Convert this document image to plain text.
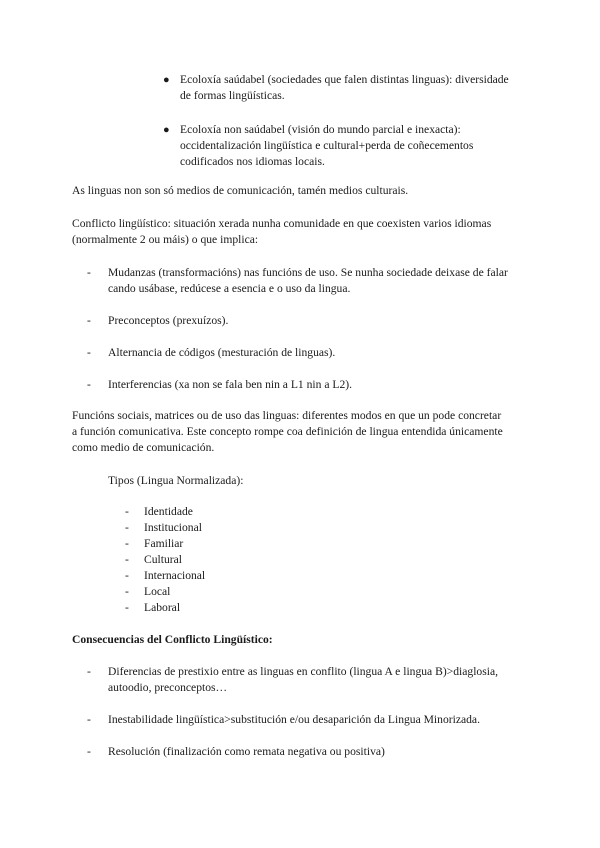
● Ecoloxía saúdabel (sociedades que falen distintas linguas): diversidade
de formas lingüísticas.
● Ecoloxía non saúdabel (visión do mundo parcial e inexacta):
occidentalización lingüística e cultural+perda de coñecementos
codificados nos idiomas locais.

As linguas non son só medios de comunicación, tamén medios culturais.

Conflicto lingüístico: situación xerada nunha comunidade en que coexisten varios idiomas
(normalmente 2 ou máis) o que implica:
- Mudanzas (transformacións) nas funcións de uso. Se nunha sociedade deixase de falar
cando usábase, redúcese a esencia e o uso da lingua.
- Preconceptos (prexuízos).
- Alternancia de códigos (mesturación de linguas).
- Interferencias (xa non se fala ben nin a L1 nin a L2).
Funcións sociais, matrices ou de uso das linguas: diferentes modos en que un pode concretar
a función comunicativa. Este concepto rompe coa definición de lingua entendida únicamente
como medio de comunicación.

Tipos (Lingua Normalizada):

- Identidade
- Institucional
- Familiar
- Cultural
- Internacional
- Local
- Laboral

Consecuencias del Conflicto Lingüístico:

- Diferencias de prestixio entre as linguas en conflito (lingua A e lingua B)>diaglosia,
autoodio, preconceptos…
- Inestabilidade lingüística>substitución e/ou desaparición da Lingua Minorizada.
- Resolución (finalización como remata negativa ou positiva)
